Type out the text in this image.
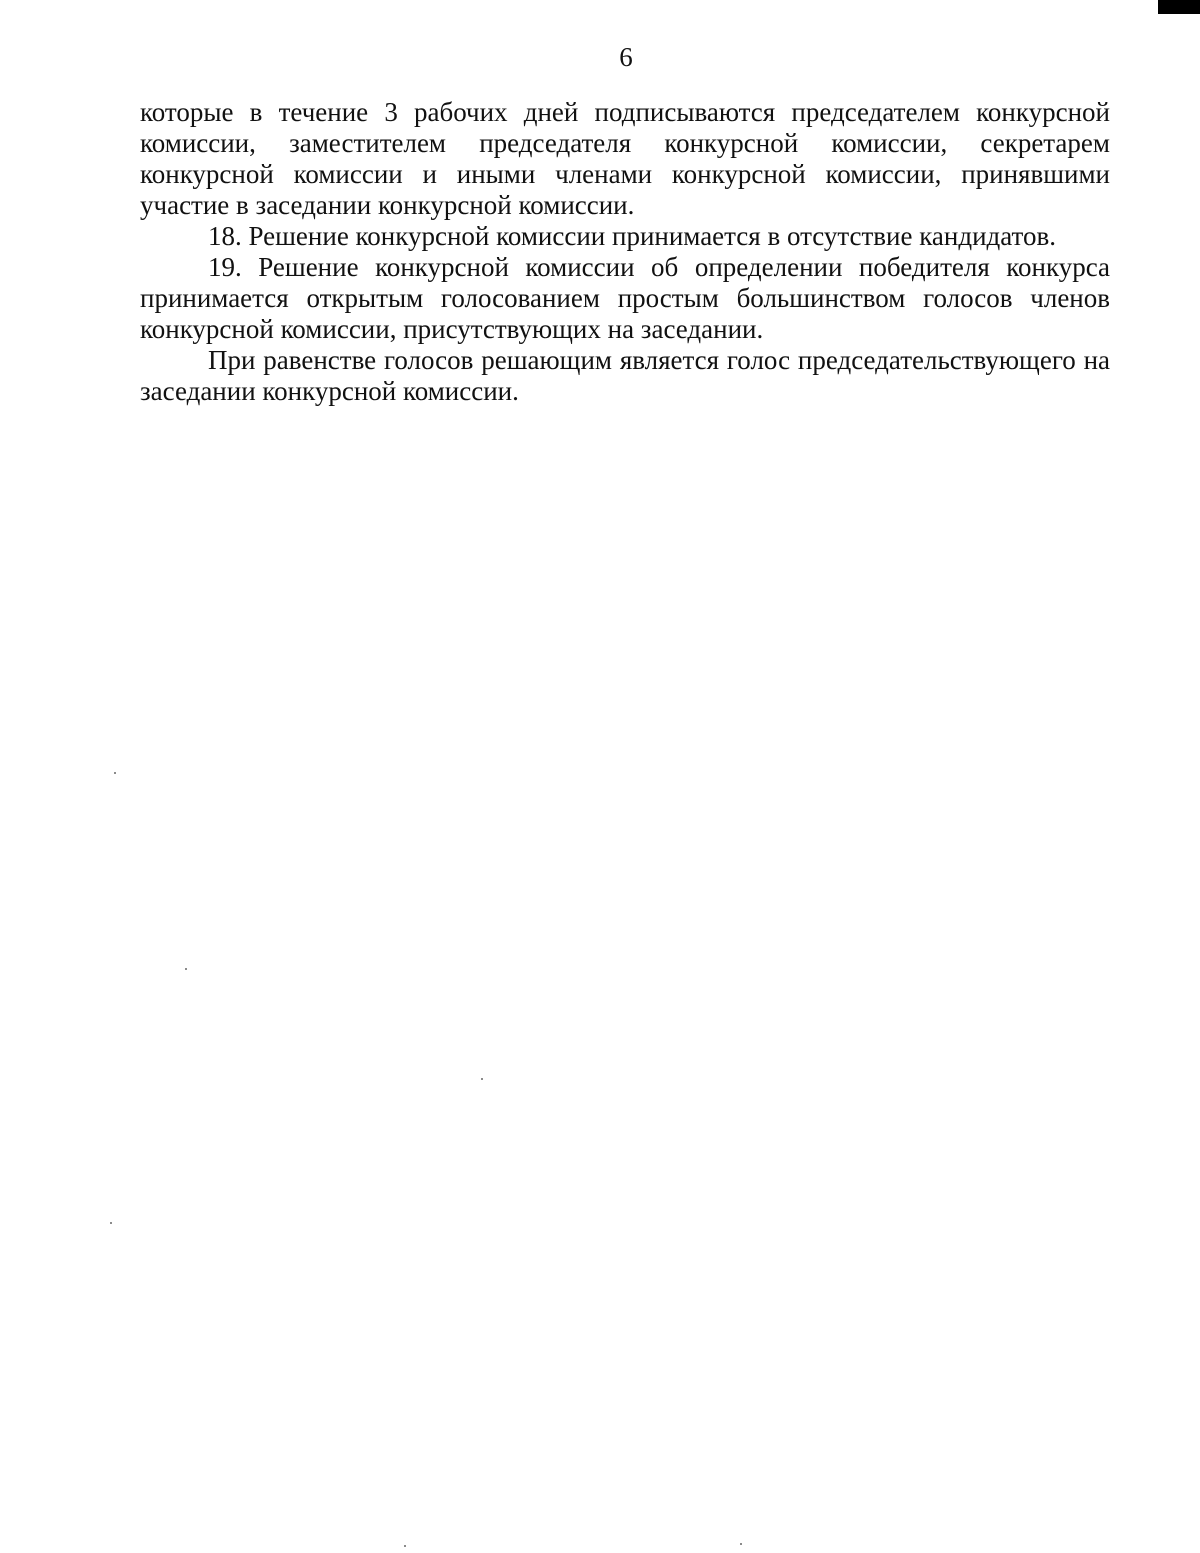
6

которые в течение 3 рабочих дней подписываются председателем конкурсной комиссии, заместителем председателя конкурсной комиссии, секретарем конкурсной комиссии и иными членами конкурсной комиссии, принявшими участие в заседании конкурсной комиссии.

18. Решение конкурсной комиссии принимается в отсутствие кандидатов.

19. Решение конкурсной комиссии об определении победителя конкурса принимается открытым голосованием простым большинством голосов членов конкурсной комиссии, присутствующих на заседании.

При равенстве голосов решающим является голос председательствующего на заседании конкурсной комиссии.
